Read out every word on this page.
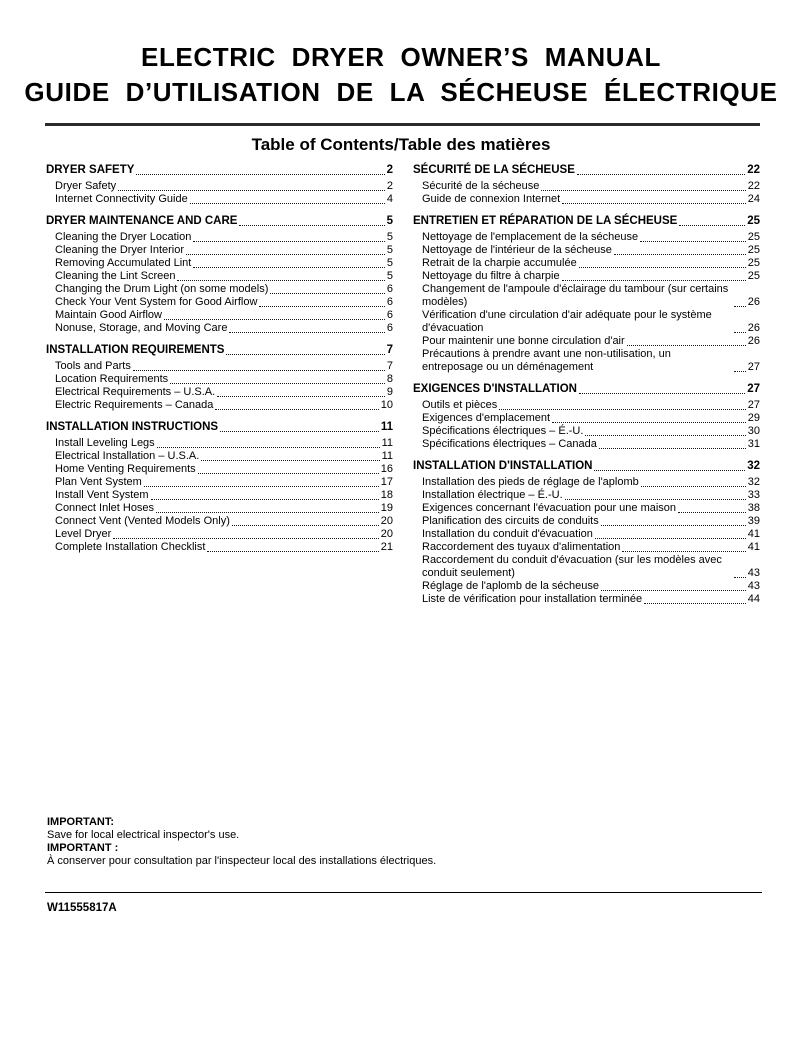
ELECTRIC DRYER OWNER’S MANUAL
GUIDE D’UTILISATION DE LA SÉCHEUSE ÉLECTRIQUE
Table of Contents/Table des matières
DRYER SAFETY	2
Dryer Safety	2
Internet Connectivity Guide	4
DRYER MAINTENANCE AND CARE	5
Cleaning the Dryer Location	5
Cleaning the Dryer Interior	5
Removing Accumulated Lint	5
Cleaning the Lint Screen	5
Changing the Drum Light (on some models)	6
Check Your Vent System for Good Airflow	6
Maintain Good Airflow	6
Nonuse, Storage, and Moving Care	6
INSTALLATION REQUIREMENTS	7
Tools and Parts	7
Location Requirements	8
Electrical Requirements – U.S.A.	9
Electric Requirements – Canada	10
INSTALLATION INSTRUCTIONS	11
Install Leveling Legs	11
Electrical Installation – U.S.A.	11
Home Venting Requirements	16
Plan Vent System	17
Install Vent System	18
Connect Inlet Hoses	19
Connect Vent (Vented Models Only)	20
Level Dryer	20
Complete Installation Checklist	21
SÉCURITÉ DE LA SÉCHEUSE	22
Sécurité de la sécheuse	22
Guide de connexion Internet	24
ENTRETIEN ET RÉPARATION DE LA SÉCHEUSE	25
Nettoyage de l'emplacement de la sécheuse	25
Nettoyage de l'intérieur de la sécheuse	25
Retrait de la charpie accumulée	25
Nettoyage du filtre à charpie	25
Changement de l'ampoule d'éclairage du tambour (sur certains modèles)	26
Vérification d'une circulation d'air adéquate pour le système d'évacuation	26
Pour maintenir une bonne circulation d'air	26
Précautions à prendre avant une non-utilisation, un entreposage ou un déménagement	27
EXIGENCES D'INSTALLATION	27
Outils et pièces	27
Exigences d'emplacement	29
Spécifications électriques – É.-U.	30
Spécifications électriques – Canada	31
INSTALLATION D'INSTALLATION	32
Installation des pieds de réglage de l'aplomb	32
Installation électrique – É.-U.	33
Exigences concernant l'évacuation pour une maison	38
Planification des circuits de conduits	39
Installation du conduit d'évacuation	41
Raccordement des tuyaux d'alimentation	41
Raccordement du conduit d'évacuation (sur les modèles avec conduit seulement)	43
Réglage de l'aplomb de la sécheuse	43
Liste de vérification pour installation terminée	44
IMPORTANT:
Save for local electrical inspector's use.
IMPORTANT :
À conserver pour consultation par l'inspecteur local des installations électriques.
W11555817A
